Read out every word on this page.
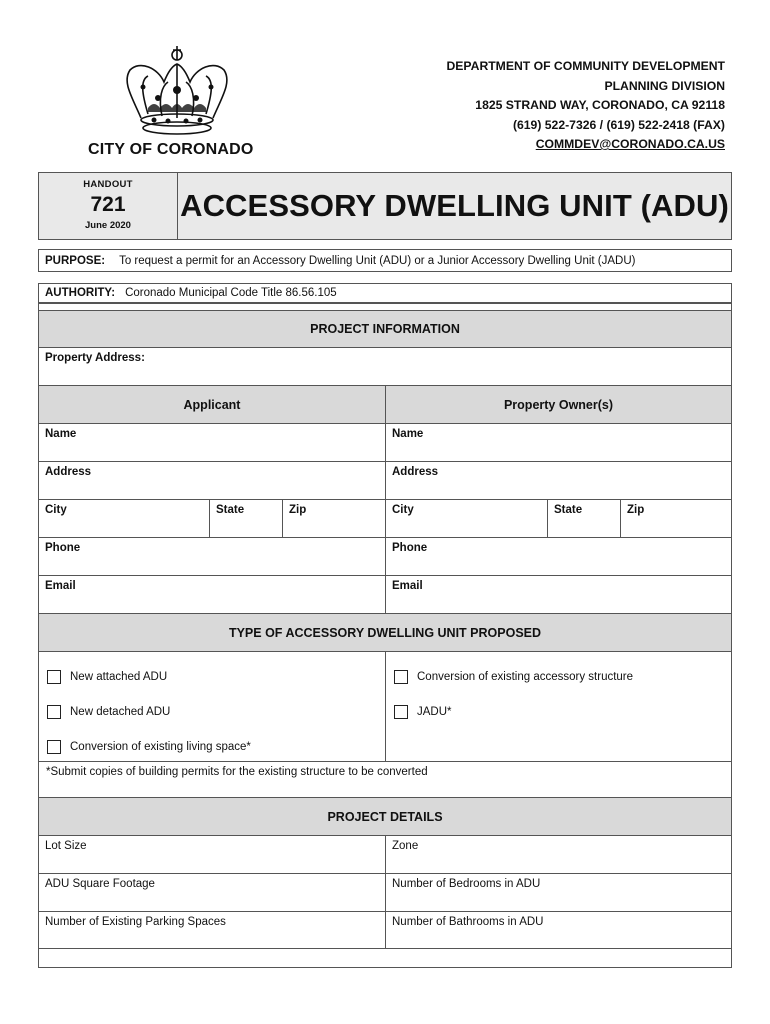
CITY OF CORONADO
DEPARTMENT OF COMMUNITY DEVELOPMENT
PLANNING DIVISION
1825 STRAND WAY, CORONADO, CA 92118
(619) 522-7326 / (619) 522-2418 (FAX)
COMMDEV@CORONADO.CA.US
HANDOUT
721
June 2020
ACCESSORY DWELLING UNIT (ADU)
PURPOSE: To request a permit for an Accessory Dwelling Unit (ADU) or a Junior Accessory Dwelling Unit (JADU)
AUTHORITY: Coronado Municipal Code Title 86.56.105
PROJECT INFORMATION
Property Address:
Applicant	Property Owner(s)
Name	Name
Address	Address
City	State	Zip	City	State	Zip
Phone	Phone
Email	Email
TYPE OF ACCESSORY DWELLING UNIT PROPOSED
New attached ADU
New detached ADU
Conversion of existing living space*
Conversion of existing accessory structure
JADU*
*Submit copies of building permits for the existing structure to be converted
PROJECT DETAILS
Lot Size	Zone
ADU Square Footage	Number of Bedrooms in ADU
Number of Existing Parking Spaces	Number of Bathrooms in ADU
